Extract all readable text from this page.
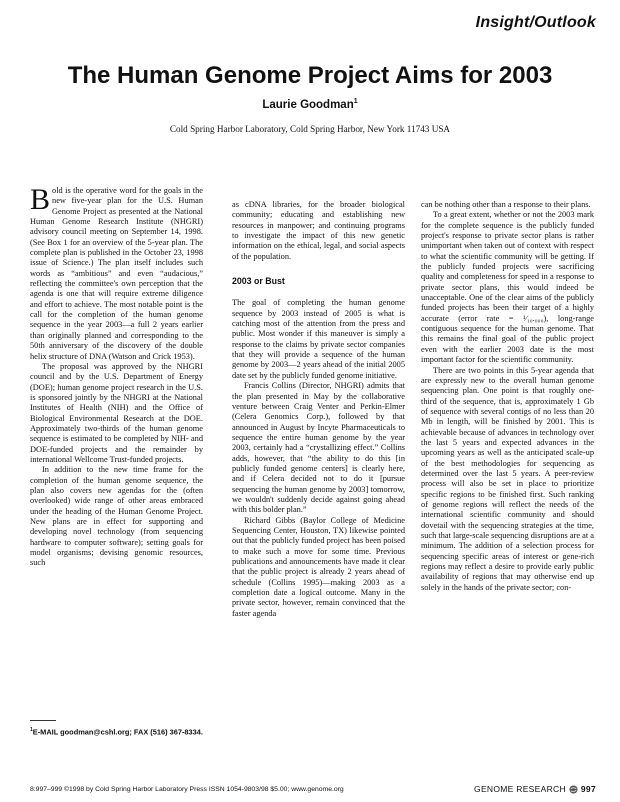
Insight/Outlook
The Human Genome Project Aims for 2003
Laurie Goodman$^1$
Cold Spring Harbor Laboratory, Cold Spring Harbor, New York 11743 USA

Bold is the operative word for the goals in the new five-year plan for the U.S. Human Genome Project as presented at the National Human Genome Research Institute (NHGRI) advisory council meeting on September 14, 1998. (See Box 1 for an overview of the 5-year plan. The complete plan is published in the October 23, 1998 issue of Science.) The plan itself includes such words as “ambitious” and even “audacious,” reflecting the committee's own perception that the agenda is one that will require extreme diligence and effort to achieve. The most notable point is the call for the completion of the human genome sequence in the year 2003—a full 2 years earlier than originally planned and corresponding to the 50th anniversary of the discovery of the double helix structure of DNA (Watson and Crick 1953).

The proposal was approved by the NHGRI council and by the U.S. Department of Energy (DOE); human genome project research in the U.S. is sponsored jointly by the NHGRI at the National Institutes of Health (NIH) and the Office of Biological Environmental Research at the DOE. Approximately two-thirds of the human genome sequence is estimated to be completed by NIH- and DOE-funded projects and the remainder by international Wellcome Trust-funded projects.

In addition to the new time frame for the completion of the human genome sequence, the plan also covers new agendas for the (often overlooked) wide range of other areas embraced under the heading of the Human Genome Project. New plans are in effect for supporting and developing novel technology (from sequencing hardware to computer software); setting goals for model organisms; devising genomic resources, such

as cDNA libraries, for the broader biological community; educating and establishing new resources in manpower; and continuing programs to investigate the impact of this new genetic information on the ethical, legal, and social aspects of the population.

2003 or Bust

The goal of completing the human genome sequence by 2003 instead of 2005 is what is catching most of the attention from the press and public. Most wonder if this maneuver is simply a response to the claims by private sector companies that they will provide a sequence of the human genome by 2003—2 years ahead of the initial 2005 date set by the publicly funded genome initiative.

Francis Collins (Director, NHGRI) admits that the plan presented in May by the collaborative venture between Craig Venter and Perkin-Elmer (Celera Genomics Corp.), followed by that announced in August by Incyte Pharmaceuticals to sequence the entire human genome by the year 2003, certainly had a “crystallizing effect.” Collins adds, however, that “the ability to do this [in publicly funded genome centers] is clearly here, and if Celera decided not to do it [pursue sequencing the human genome by 2003] tomorrow, we wouldn't suddenly decide against going ahead with this bolder plan.”

Richard Gibbs (Baylor College of Medicine Sequencing Center, Houston, TX) likewise pointed out that the publicly funded project has been poised to make such a move for some time. Previous publications and announcements have made it clear that the public project is already 2 years ahead of schedule (Collins 1995)—making 2003 as a completion date a logical outcome. Many in the private sector, however, remain convinced that the faster agenda

can be nothing other than a response to their plans.

To a great extent, whether or not the 2003 mark for the complete sequence is the publicly funded project's response to private sector plans is rather unimportant when taken out of context with respect to what the scientific community will be getting. If the publicly funded projects were sacrificing quality and completeness for speed in a response to private sector plans, this would indeed be unacceptable. One of the clear aims of the publicly funded projects has been their target of a highly accurate (error rate = ¹⁄₁₀.₀₀₀), long-range contiguous sequence for the human genome. That this remains the final goal of the public project even with the earlier 2003 date is the most important factor for the scientific community.

There are two points in this 5-year agenda that are expressly new to the overall human genome sequencing plan. One point is that roughly one-third of the sequence, that is, approximately 1 Gb of sequence with several contigs of no less than 20 Mb in length, will be finished by 2001. This is achievable because of advances in technology over the last 5 years and expected advances in the upcoming years as well as the anticipated scale-up of the best methodologies for sequencing as determined over the last 5 years. A peer-review process will also be set in place to prioritize specific regions to be finished first. Such ranking of genome regions will reflect the needs of the international scientific community and should dovetail with the sequencing strategies at the time, such that large-scale sequencing disruptions are at a minimum. The addition of a selection process for sequencing specific areas of interest or gene-rich regions may reflect a desire to provide early public availability of regions that may otherwise end up solely in the hands of the private sector; con-

$^1$E-MAIL goodman@cshl.org; FAX (516) 367-8334.
8:997–999 ©1998 by Cold Spring Harbor Laboratory Press ISSN 1054-9803/98 $5.00; www.genome.org	GENOME RESEARCH 997
